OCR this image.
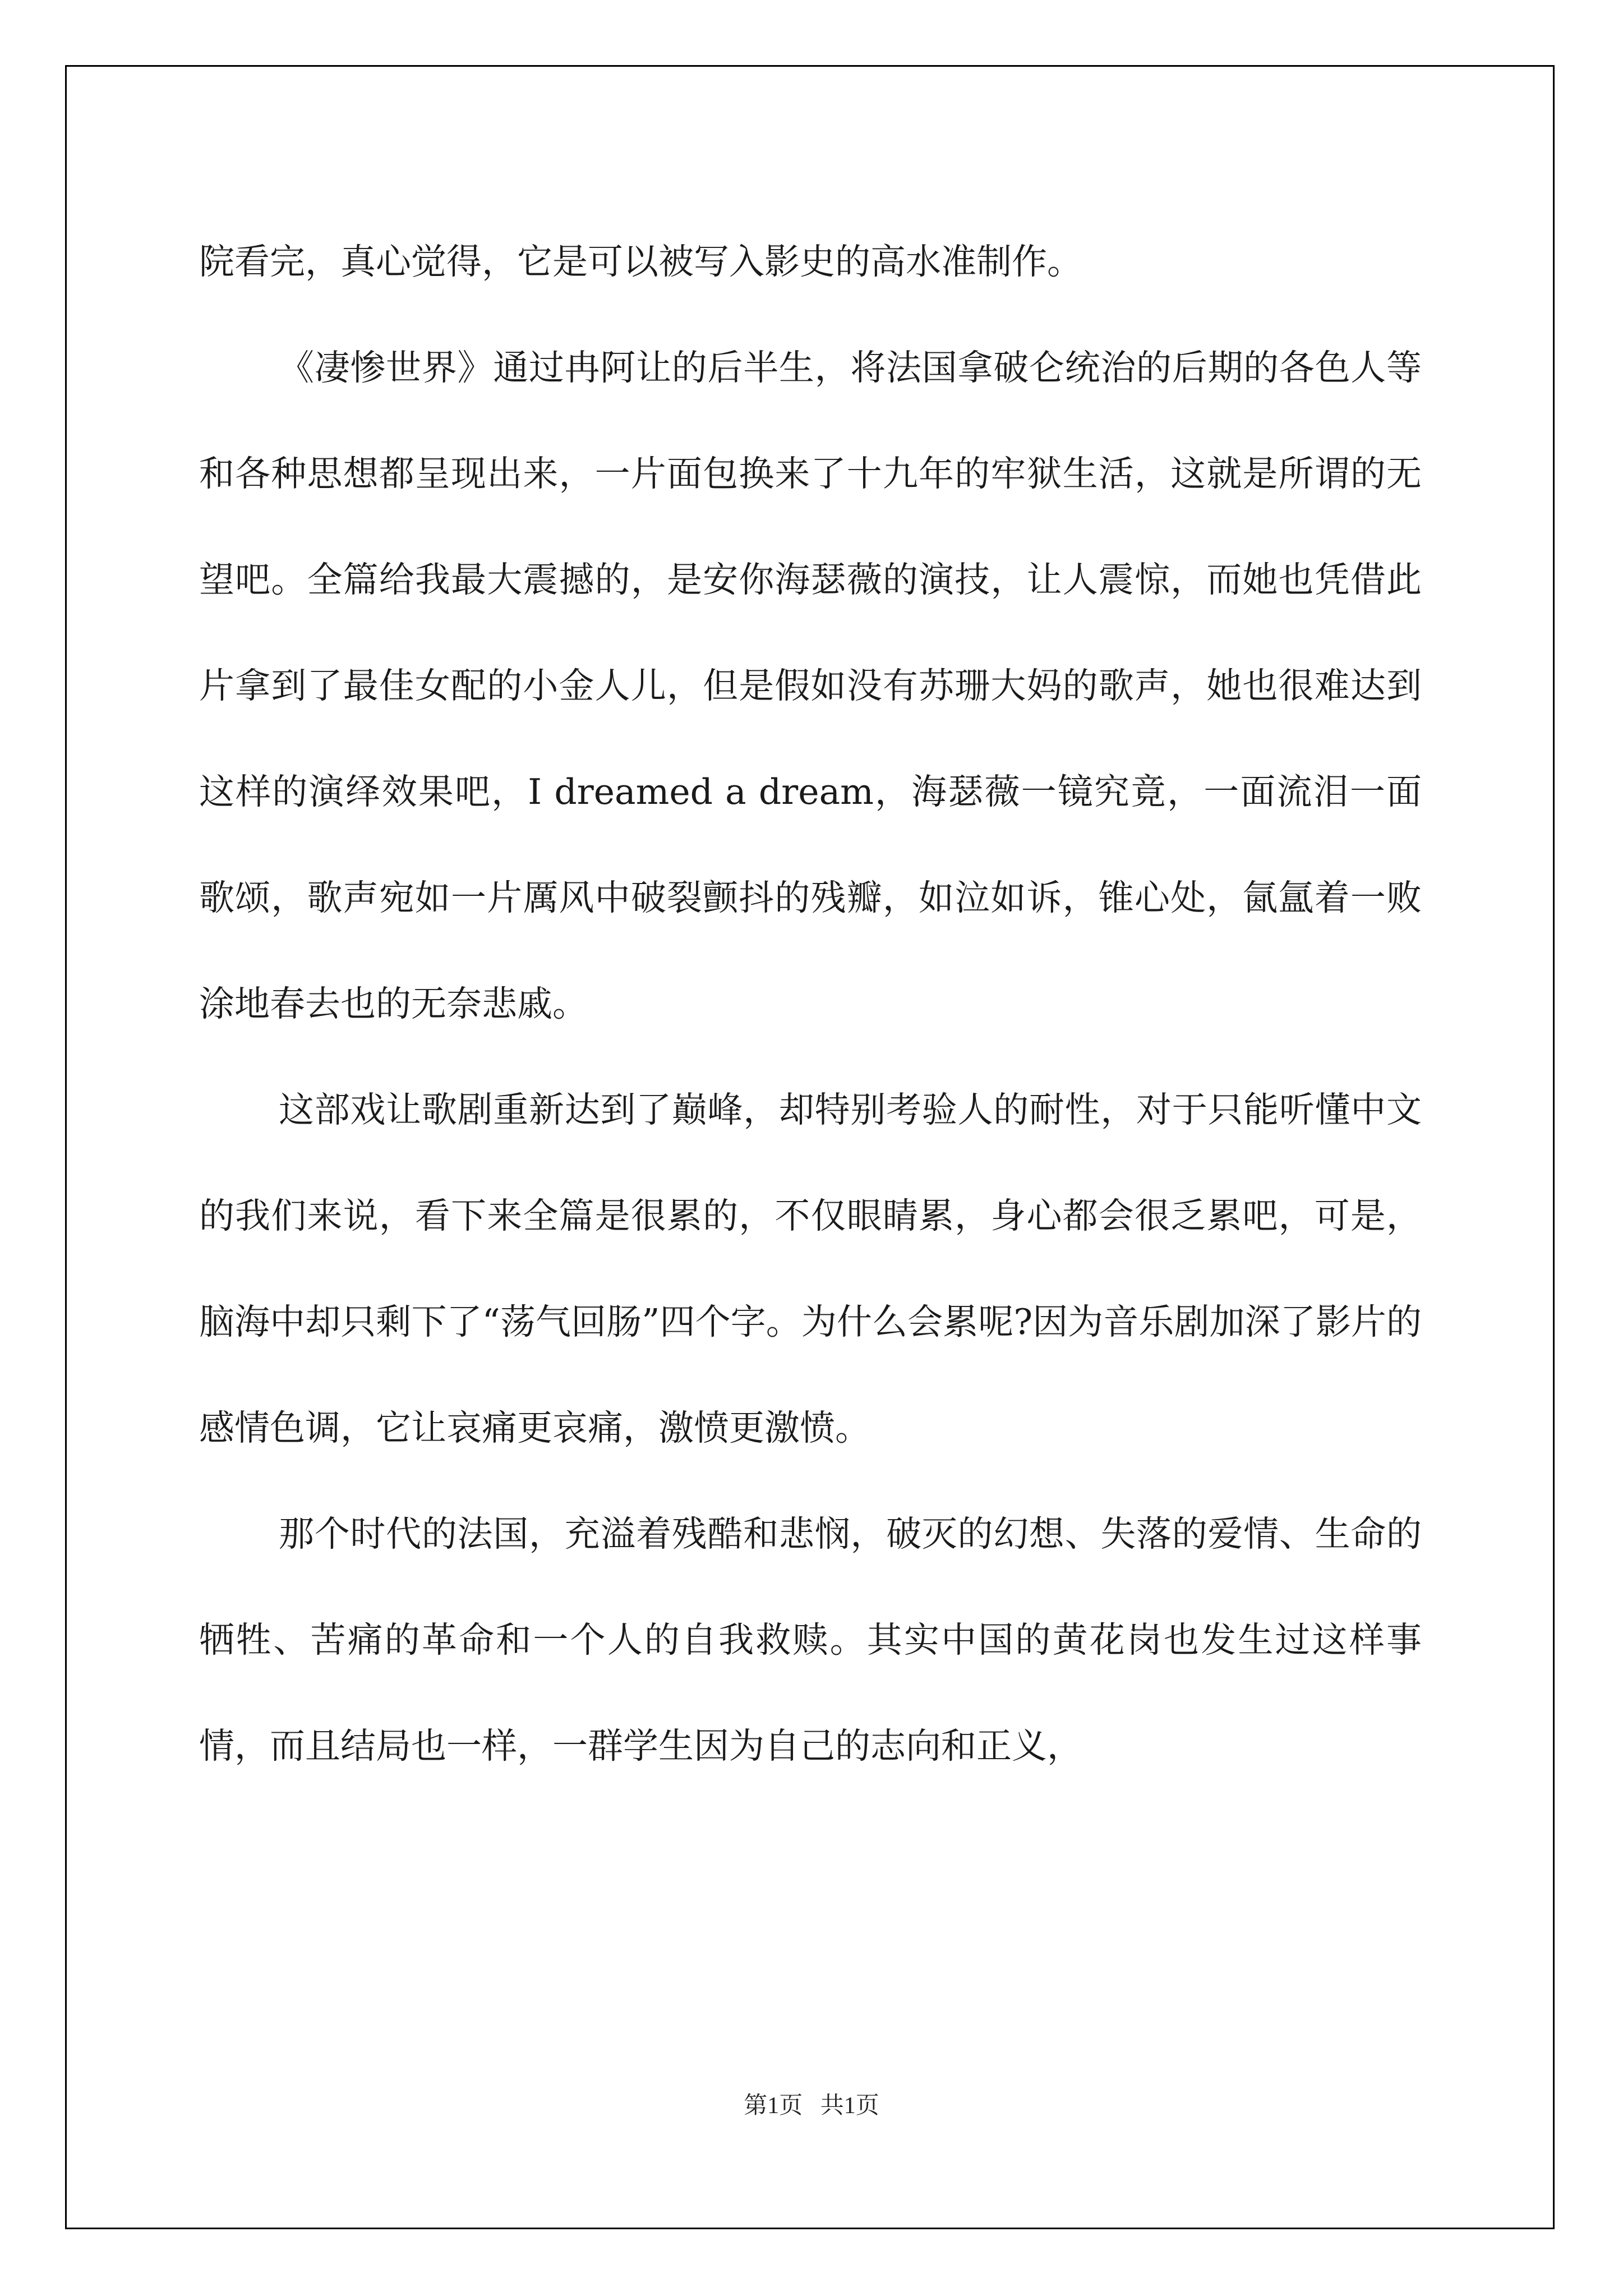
院看完，真心觉得，它是可以被写入影史的高水准制作。

《凄惨世界》通过冉阿让的后半生，将法国拿破仑统治的后期的各色人等和各种思想都呈现出来，一片面包换来了十九年的牢狱生活，这就是所谓的无望吧。全篇给我最大震撼的，是安你海瑟薇的演技，让人震惊，而她也凭借此片拿到了最佳女配的小金人儿，但是假如没有苏珊大妈的歌声，她也很难达到这样的演绎效果吧，I dreamed a dream，海瑟薇一镜究竟，一面流泪一面歌颂，歌声宛如一片厲风中破裂颤抖的残瓣，如泣如诉，锥心处，氤氲着一败涂地春去也的无奈悲戚。

这部戏让歌剧重新达到了巅峰，却特别考验人的耐性，对于只能听懂中文的我们来说，看下来全篇是很累的，不仅眼睛累，身心都会很乏累吧，可是，脑海中却只剩下了“荡气回肠”四个字。为什么会累呢?因为音乐剧加深了影片的感情色调，它让哀痛更哀痛，激愤更激愤。

那个时代的法国，充溢着残酷和悲悯，破灭的幻想、失落的爱情、生命的牺牲、苦痛的革命和一个人的自我救赎。其实中国的黄花岗也发生过这样事情，而且结局也一样，一群学生因为自己的志向和正义，

第1页   共1页
